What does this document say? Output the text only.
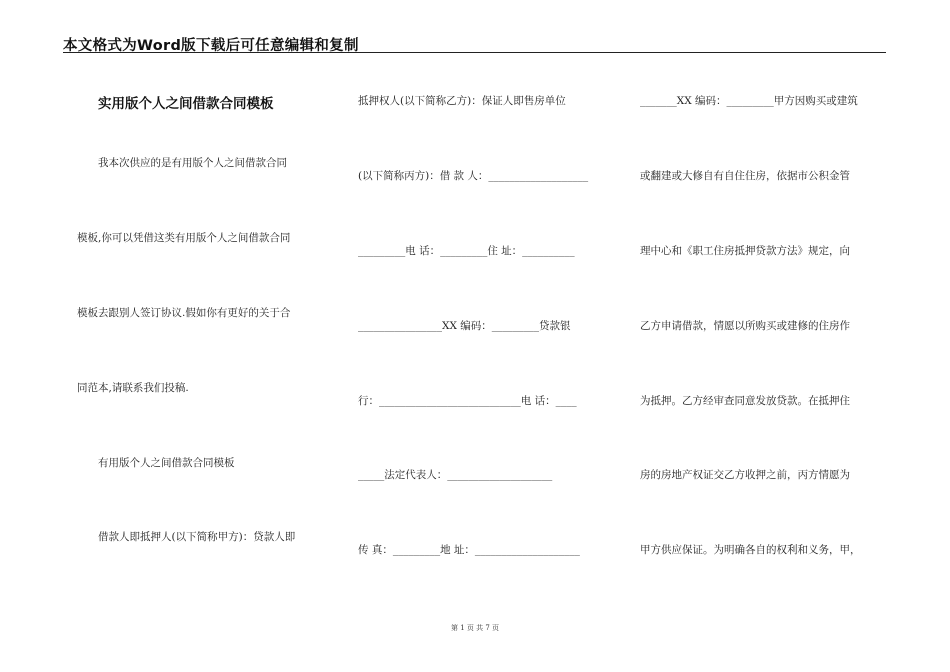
本文格式为Word版下载后可任意编辑和复制
实用版个人之间借款合同模板
我本次供应的是有用版个人之间借款合同
模板,你可以凭借这类有用版个人之间借款合同
模板去跟别人签订协议.假如你有更好的关于合
同范本,请联系我们投稿.
有用版个人之间借款合同模板
借款人即抵押人(以下简称甲方)：贷款人即
抵押权人(以下简称乙方)：保证人即售房单位
(以下简称丙方)：借 款 人：___________________
_________电 话：_________住 址：__________
________________XX 编码：_________贷款银
行：___________________________电 话：____
_____法定代表人：____________________
传 真：_________地 址：____________________
_______XX 编码：_________甲方因购买或建筑
或翻建或大修自有自住住房，依据市公积金管
理中心和《职工住房抵押贷款方法》规定，向
乙方申请借款，情愿以所购买或建修的住房作
为抵押。乙方经审查同意发放贷款。在抵押住
房的房地产权证交乙方收押之前，丙方情愿为
甲方供应保证。为明确各自的权利和义务，甲，
第 1 页 共 7 页
